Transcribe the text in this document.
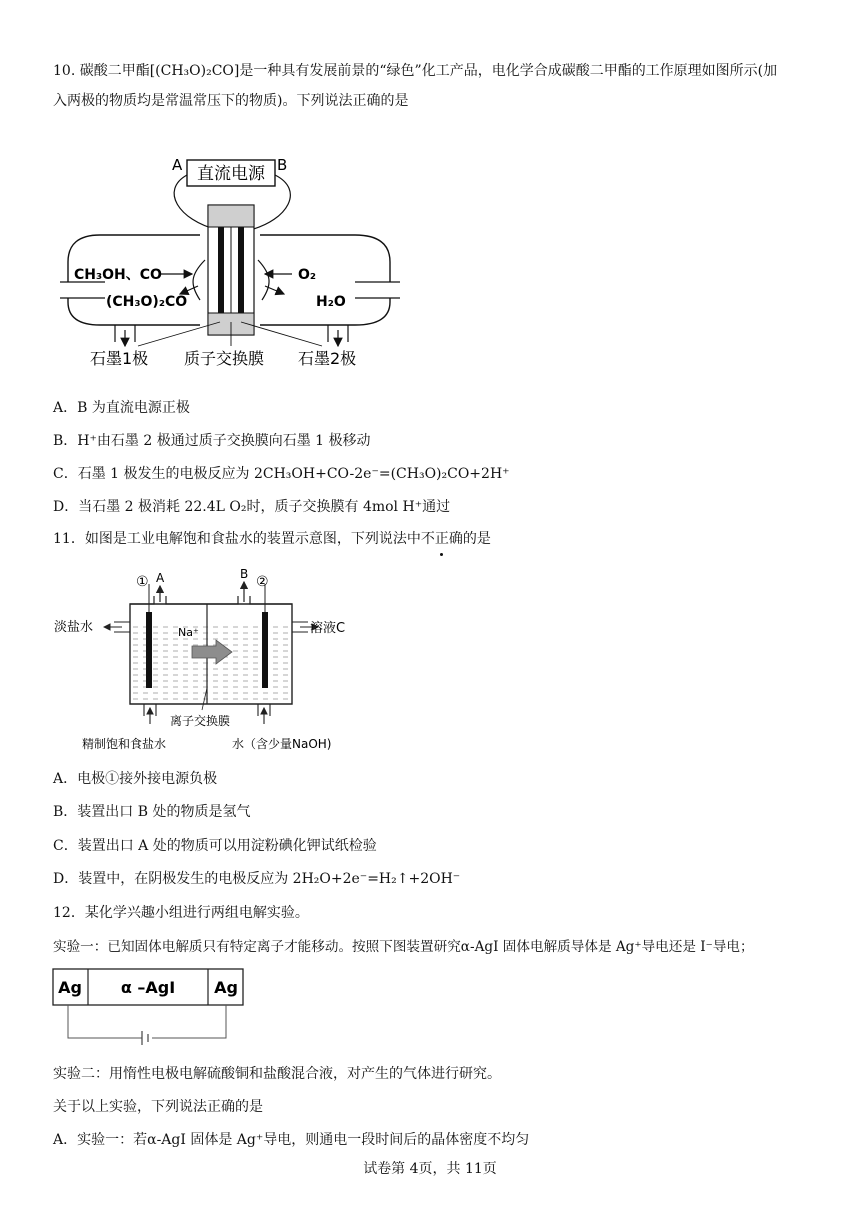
10. 碳酸二甲酯[(CH₃O)₂CO]是一种具有发展前景的“绿色”化工产品，电化学合成碳酸二甲酯的工作原理如图所示(加
入两极的物质均是常温常压下的物质)。下列说法正确的是
直流电源
A	B
CH₃OH、CO
(CH₃O)₂CO
O₂
H₂O
石墨1极 质子交换膜 石墨2极
A．B 为直流电源正极
B．H⁺由石墨 2 极通过质子交换膜向石墨 1 极移动
C．石墨 1 极发生的电极反应为 2CH₃OH+CO-2e⁻=(CH₃O)₂CO+2H⁺
D．当石墨 2 极消耗 22.4L O₂时，质子交换膜有 4mol H⁺通过
11．如图是工业电解饱和食盐水的装置示意图，下列说法中不正确的是
①	②
A	B
Na⁺
淡盐水	溶液C
离子交换膜
精制饱和食盐水	水（含少量NaOH)
A．电极①接外接电源负极
B．装置出口 B 处的物质是氢气
C．装置出口 A 处的物质可以用淀粉碘化钾试纸检验
D．装置中，在阴极发生的电极反应为 2H₂O+2e⁻=H₂↑+2OH⁻
12．某化学兴趣小组进行两组电解实验。
实验一：已知固体电解质只有特定离子才能移动。按照下图装置研究α-AgI 固体电解质导体是 Ag⁺导电还是 I⁻导电；
Ag α –AgI Ag
实验二：用惰性电极电解硫酸铜和盐酸混合液，对产生的气体进行研究。
关于以上实验，下列说法正确的是
A．实验一：若α-AgI 固体是 Ag⁺导电，则通电一段时间后的晶体密度不均匀
试卷第 4页，共 11页
